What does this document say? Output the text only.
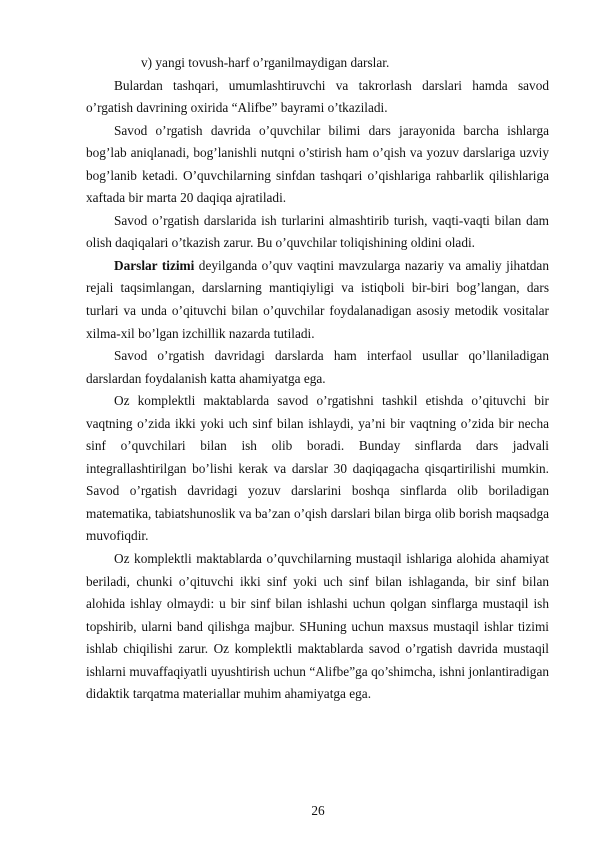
v) yangi tovush-harf o’rganilmaydigan darslar.

Bulardan tashqari, umumlashtiruvchi va takrorlash darslari hamda savod o’rgatish davrining oxirida “Alifbe” bayrami o’tkaziladi.

Savod o’rgatish davrida o’quvchilar bilimi dars jarayonida barcha ishlarga bog’lab aniqlanadi, bog’lanishli nutqni o’stirish ham o’qish va yozuv darslariga uzviy bog’lanib ketadi. O’quvchilarning sinfdan tashqari o’qishlariga rahbarlik qilishlariga xaftada bir marta 20 daqiqa ajratiladi.

Savod o’rgatish darslarida ish turlarini almashtirib turish, vaqti-vaqti bilan dam olish daqiqalari o’tkazish zarur. Bu o’quvchilar toliqishining oldini oladi.

Darslar tizimi deyilganda o’quv vaqtini mavzularga nazariy va amaliy jihatdan rejali taqsimlangan, darslarning mantiqiyligi va istiqboli bir-biri bog’langan, dars turlari va unda o’qituvchi bilan o’quvchilar foydalanadigan asosiy metodik vositalar xilma-xil bo’lgan izchillik nazarda tutiladi.

Savod o’rgatish davridagi darslarda ham interfaol usullar qo’llaniladigan darslardan foydalanish katta ahamiyatga ega.

Oz komplektli maktablarda savod o’rgatishni tashkil etishda o’qituvchi bir vaqtning o’zida ikki yoki uch sinf bilan ishlaydi, ya’ni bir vaqtning o’zida bir necha sinf o’quvchilari bilan ish olib boradi. Bunday sinflarda dars jadvali integrallashtirilgan bo’lishi kerak va darslar 30 daqiqagacha qisqartirilishi mumkin. Savod o’rgatish davridagi yozuv darslarini boshqa sinflarda olib boriladigan matematika, tabiatshunoslik va ba’zan o’qish darslari bilan birga olib borish maqsadga muvofiqdir.

Oz komplektli maktablarda o’quvchilarning mustaqil ishlariga alohida ahamiyat beriladi, chunki o’qituvchi ikki sinf yoki uch sinf bilan ishlaganda, bir sinf bilan alohida ishlay olmaydi: u bir sinf bilan ishlashi uchun qolgan sinflarga mustaqil ish topshirib, ularni band qilishga majbur. SHuning uchun maxsus mustaqil ishlar tizimi ishlab chiqilishi zarur. Oz komplektli maktablarda savod o’rgatish davrida mustaqil ishlarni muvaffaqiyatli uyushtirish uchun “Alifbe”ga qo’shimcha, ishni jonlantiradigan didaktik tarqatma materiallar muhim ahamiyatga ega.

26
